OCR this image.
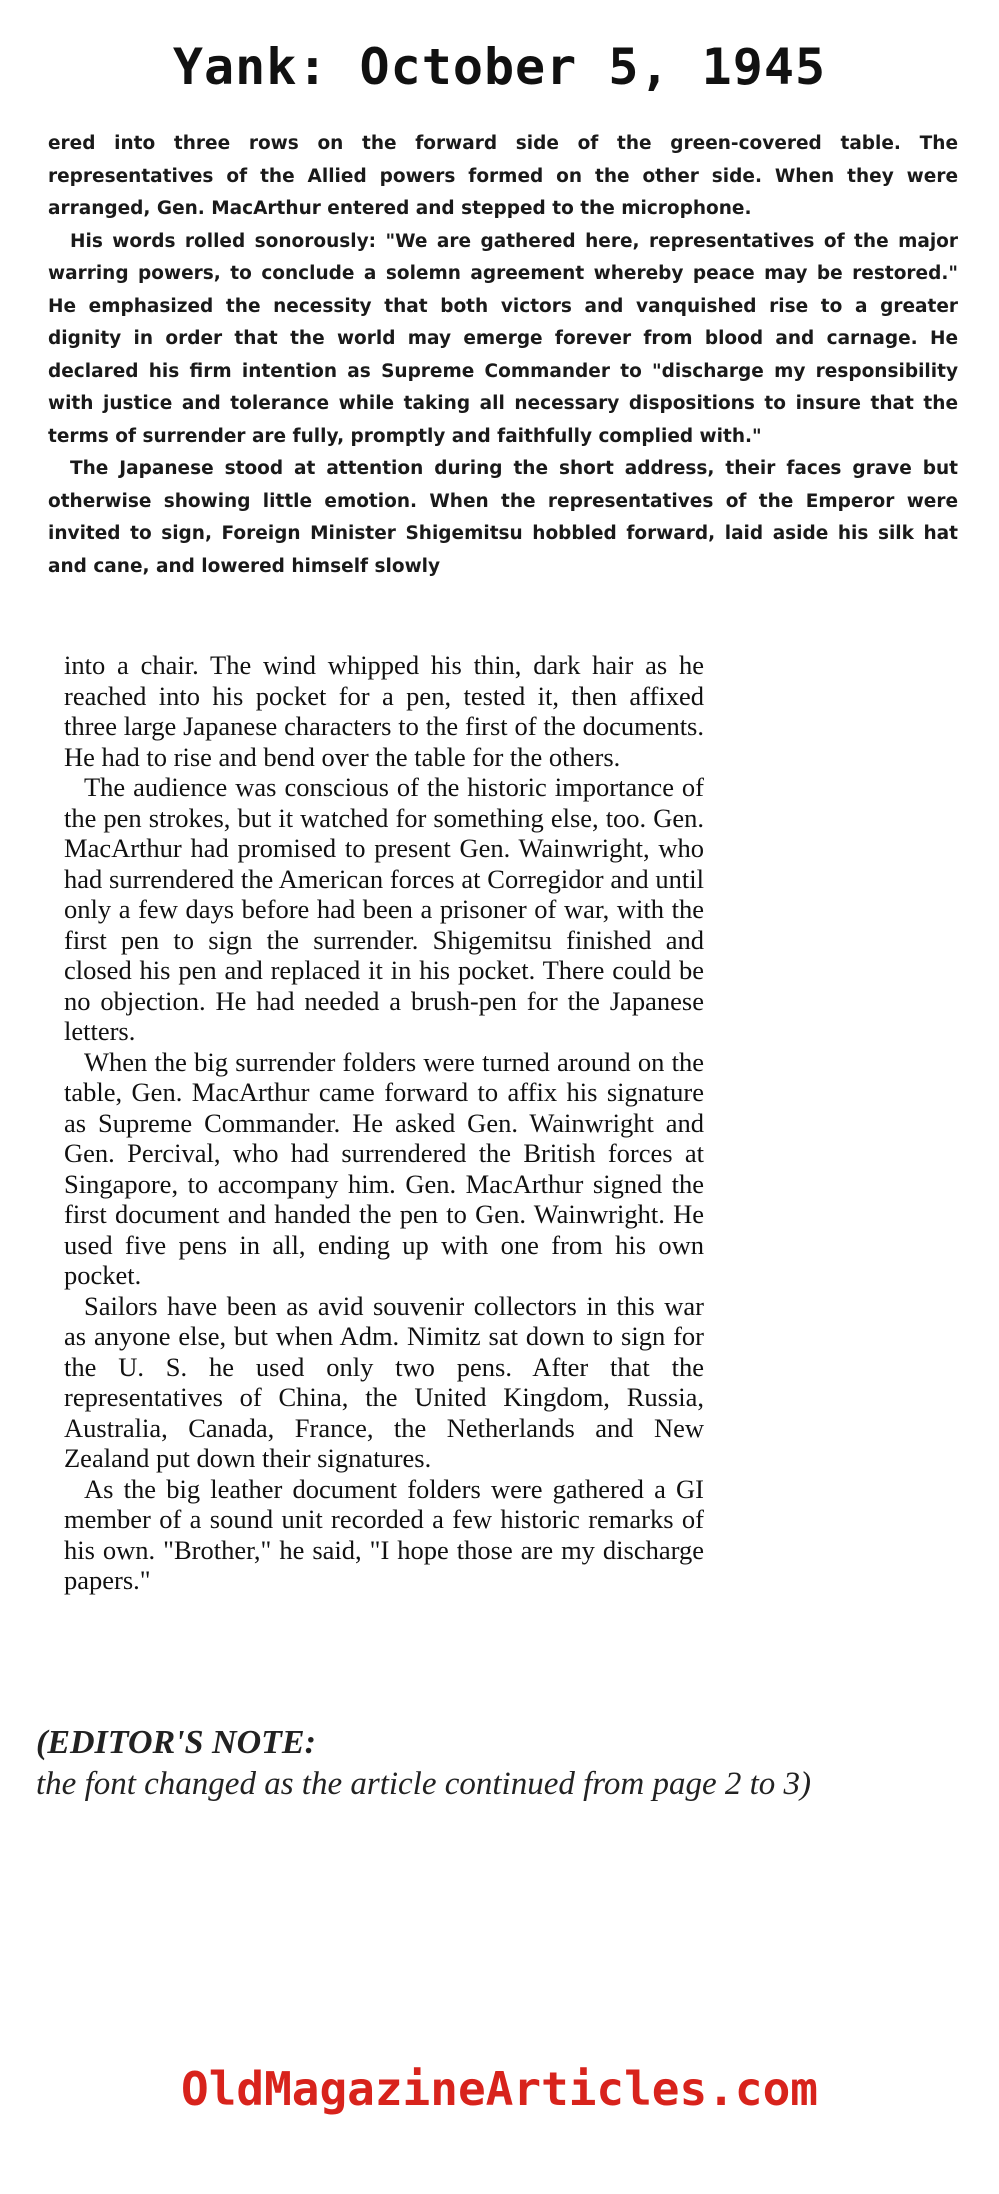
Yank: October 5, 1945

ered into three rows on the forward side of the green-covered table. The representatives of the Allied powers formed on the other side. When they were arranged, Gen. MacArthur entered and stepped to the microphone.

His words rolled sonorously: "We are gathered here, representatives of the major warring powers, to conclude a solemn agreement whereby peace may be restored." He emphasized the necessity that both victors and vanquished rise to a greater dignity in order that the world may emerge forever from blood and carnage. He declared his firm intention as Supreme Commander to "discharge my responsibility with justice and tolerance while taking all necessary dispositions to insure that the terms of surrender are fully, promptly and faithfully complied with."

The Japanese stood at attention during the short address, their faces grave but otherwise showing little emotion. When the representatives of the Emperor were invited to sign, Foreign Minister Shigemitsu hobbled forward, laid aside his silk hat and cane, and lowered himself slowly

into a chair. The wind whipped his thin, dark hair as he reached into his pocket for a pen, tested it, then affixed three large Japanese characters to the first of the documents. He had to rise and bend over the table for the others.

The audience was conscious of the historic importance of the pen strokes, but it watched for something else, too. Gen. MacArthur had promised to present Gen. Wainwright, who had surrendered the American forces at Corregidor and until only a few days before had been a prisoner of war, with the first pen to sign the surrender. Shigemitsu finished and closed his pen and replaced it in his pocket. There could be no objection. He had needed a brush-pen for the Japanese letters.

When the big surrender folders were turned around on the table, Gen. MacArthur came forward to affix his signature as Supreme Commander. He asked Gen. Wainwright and Gen. Percival, who had surrendered the British forces at Singapore, to accompany him. Gen. MacArthur signed the first document and handed the pen to Gen. Wainwright. He used five pens in all, ending up with one from his own pocket.

Sailors have been as avid souvenir collectors in this war as anyone else, but when Adm. Nimitz sat down to sign for the U. S. he used only two pens. After that the representatives of China, the United Kingdom, Russia, Australia, Canada, France, the Netherlands and New Zealand put down their signatures.

As the big leather document folders were gathered a GI member of a sound unit recorded a few historic remarks of his own. "Brother," he said, "I hope those are my discharge papers."

(EDITOR'S NOTE:

the font changed as the article continued from page 2 to 3)

OldMagazineArticles.com
